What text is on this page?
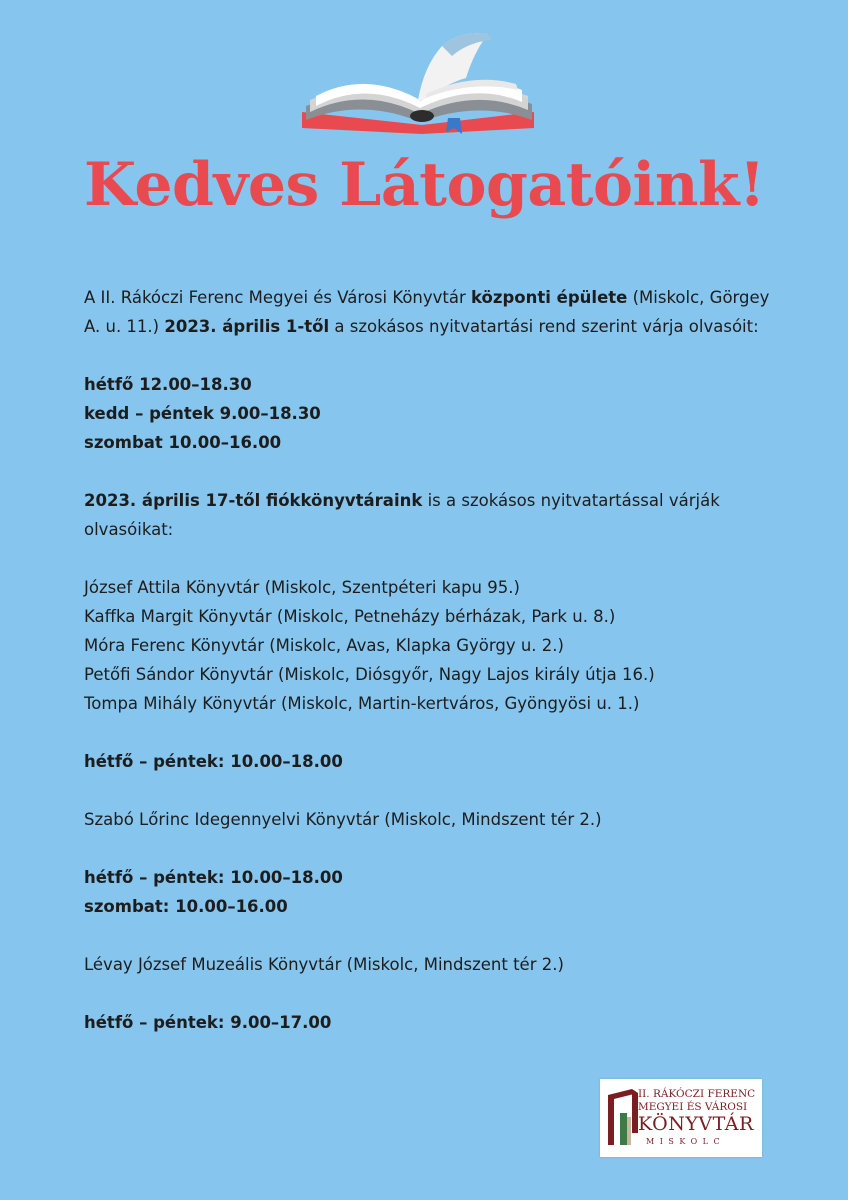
Kedves Látogatóink!

A II. Rákóczi Ferenc Megyei és Városi Könyvtár központi épülete (Miskolc, Görgey A. u. 11.) 2023. április 1-től a szokásos nyitvatartási rend szerint várja olvasóit:

hétfő 12.00–18.30

kedd – péntek 9.00–18.30

szombat 10.00–16.00

2023. április 17-től fiókkönyvtáraink is a szokásos nyitvatartással várják olvasóikat:

József Attila Könyvtár (Miskolc, Szentpéteri kapu 95.)

Kaffka Margit Könyvtár (Miskolc, Petneházy bérházak, Park u. 8.)

Móra Ferenc Könyvtár (Miskolc, Avas, Klapka György u. 2.)

Petőfi Sándor Könyvtár (Miskolc, Diósgyőr, Nagy Lajos király útja 16.)

Tompa Mihály Könyvtár (Miskolc, Martin-kertváros, Gyöngyösi u. 1.)

hétfő – péntek: 10.00–18.00

Szabó Lőrinc Idegennyelvi Könyvtár (Miskolc, Mindszent tér 2.)

hétfő – péntek: 10.00–18.00

szombat: 10.00–16.00

Lévay József Muzeális Könyvtár (Miskolc, Mindszent tér 2.)

hétfő – péntek: 9.00–17.00

II. RÁKÓCZI FERENC
MEGYEI ÉS VÁROSI
KÖNYVTÁR
MISKOLC
